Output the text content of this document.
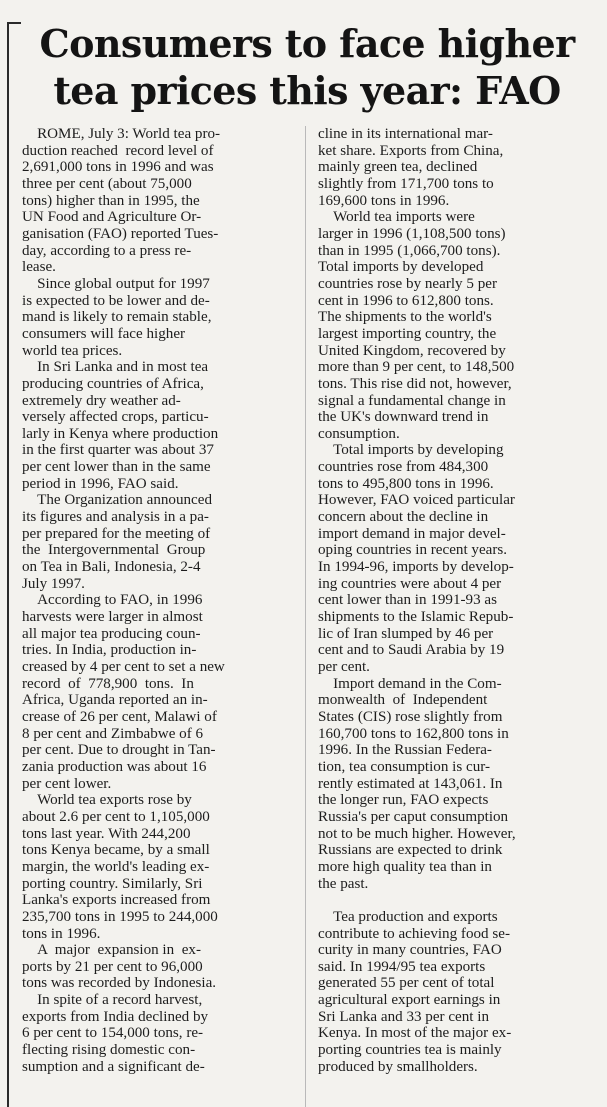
Consumers to face higher
tea prices this year: FAO
 ROME, July 3: World tea pro-
duction reached  record level of
2,691,000 tons in 1996 and was
three per cent (about 75,000
tons) higher than in 1995, the
UN Food and Agriculture Or-
ganisation (FAO) reported Tues-
day, according to a press re-
lease.
 Since global output for 1997
is expected to be lower and de-
mand is likely to remain stable,
consumers will face higher
world tea prices.
 In Sri Lanka and in most tea
producing countries of Africa,
extremely dry weather ad-
versely affected crops, particu-
larly in Kenya where production
in the first quarter was about 37
per cent lower than in the same
period in 1996, FAO said.
 The Organization announced
its figures and analysis in a pa-
per prepared for the meeting of
the  Intergovernmental  Group
on Tea in Bali, Indonesia, 2-4
July 1997.
 According to FAO, in 1996
harvests were larger in almost
all major tea producing coun-
tries. In India, production in-
creased by 4 per cent to set a new
record  of  778,900  tons.  In
Africa, Uganda reported an in-
crease of 26 per cent, Malawi of
8 per cent and Zimbabwe of 6
per cent. Due to drought in Tan-
zania production was about 16
per cent lower.
 World tea exports rose by
about 2.6 per cent to 1,105,000
tons last year. With 244,200
tons Kenya became, by a small
margin, the world's leading ex-
porting country. Similarly, Sri
Lanka's exports increased from
235,700 tons in 1995 to 244,000
tons in 1996.
 A  major  expansion in  ex-
ports by 21 per cent to 96,000
tons was recorded by Indonesia.
 In spite of a record harvest,
exports from India declined by
6 per cent to 154,000 tons, re-
flecting rising domestic con-
sumption and a significant de-
cline in its international mar-
ket share. Exports from China,
mainly green tea, declined
slightly from 171,700 tons to
169,600 tons in 1996.
 World tea imports were
larger in 1996 (1,108,500 tons)
than in 1995 (1,066,700 tons).
Total imports by developed
countries rose by nearly 5 per
cent in 1996 to 612,800 tons.
The shipments to the world's
largest importing country, the
United Kingdom, recovered by
more than 9 per cent, to 148,500
tons. This rise did not, however,
signal a fundamental change in
the UK's downward trend in
consumption.
 Total imports by developing
countries rose from 484,300
tons to 495,800 tons in 1996.
However, FAO voiced particular
concern about the decline in
import demand in major devel-
oping countries in recent years.
In 1994-96, imports by develop-
ing countries were about 4 per
cent lower than in 1991-93 as
shipments to the Islamic Repub-
lic of Iran slumped by 46 per
cent and to Saudi Arabia by 19
per cent.
 Import demand in the Com-
monwealth  of  Independent
States (CIS) rose slightly from
160,700 tons to 162,800 tons in
1996. In the Russian Federa-
tion, tea consumption is cur-
rently estimated at 143,061. In
the longer run, FAO expects
Russia's per caput consumption
not to be much higher. However,
Russians are expected to drink
more high quality tea than in
the past.

 Tea production and exports
contribute to achieving food se-
curity in many countries, FAO
said. In 1994/95 tea exports
generated 55 per cent of total
agricultural export earnings in
Sri Lanka and 33 per cent in
Kenya. In most of the major ex-
porting countries tea is mainly
produced by smallholders.
